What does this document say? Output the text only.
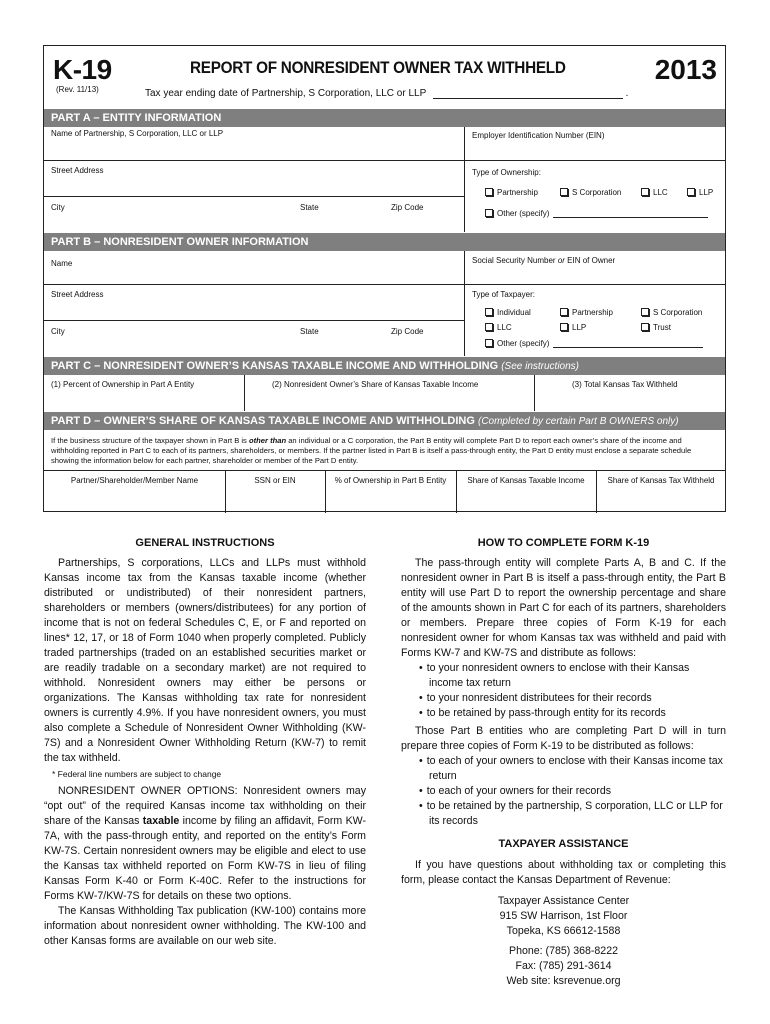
K-19
(Rev. 11/13)
REPORT OF NONRESIDENT OWNER TAX WITHHELD	2013
Tax year ending date of Partnership, S Corporation, LLC or LLP	.
PART A – ENTITY INFORMATION
Name of Partnership, S Corporation, LLC or LLP	Employer Identification Number (EIN)
Street Address	Type of Ownership:
City	State	Zip Code
Partnership	S Corporation	LLC	LLP
Other (specify)
PART B – NONRESIDENT OWNER INFORMATION
Name	Social Security Number or EIN of Owner
Street Address	Type of Taxpayer:
City	State	Zip Code
Individual	Partnership	S Corporation
LLC	LLP	Trust
Other (specify)
PART C – NONRESIDENT OWNER’S KANSAS TAXABLE INCOME AND WITHHOLDING (See instructions)
(1) Percent of Ownership in Part A Entity	(2) Nonresident Owner’s Share of Kansas Taxable Income	(3) Total Kansas Tax Withheld
PART D – OWNER’S SHARE OF KANSAS TAXABLE INCOME AND WITHHOLDING (Completed by certain Part B OWNERS only)
If the business structure of the taxpayer shown in Part B is other than an individual or a C corporation, the Part B entity will complete Part D to report each owner’s share of the income and withholding reported in Part C to each of its partners, shareholders, or members. If the partner listed in Part B is itself a pass-through entity, the Part D entity must enclose a separate schedule showing the information below for each partner, shareholder or member of the Part D entity.
Partner/Shareholder/Member Name	SSN or EIN	% of Ownership in Part B Entity	Share of Kansas Taxable Income	Share of Kansas Tax Withheld
GENERAL INSTRUCTIONS

Partnerships, S corporations, LLCs and LLPs must withhold Kansas income tax from the Kansas taxable income (whether distributed or undistributed) of their nonresident partners, shareholders or members (owners/distributees) for any portion of income that is not on federal Schedules C, E, or F and reported on lines* 12, 17, or 18 of Form 1040 when properly completed. Publicly traded partnerships (traded on an established securities market or are readily tradable on a secondary market) are not required to withhold. Nonresident owners may either be persons or organizations. The Kansas withholding tax rate for nonresident owners is currently 4.9%. If you have nonresident owners, you must also complete a Schedule of Nonresident Owner Withholding (KW-7S) and a Nonresident Owner Withholding Return (KW-7) to remit the tax withheld.

* Federal line numbers are subject to change

NONRESIDENT OWNER OPTIONS: Nonresident owners may “opt out” of the required Kansas income tax withholding on their share of the Kansas taxable income by filing an affidavit, Form KW-7A, with the pass-through entity, and reported on the entity’s Form KW-7S. Certain nonresident owners may be eligible and elect to use the Kansas tax withheld reported on Form KW-7S in lieu of filing Kansas Form K-40 or Form K-40C. Refer to the instructions for Forms KW-7/KW-7S for details on these two options.

The Kansas Withholding Tax publication (KW-100) contains more information about nonresident owner withholding. The KW-100 and other Kansas forms are available on our web site.

HOW TO COMPLETE FORM K-19

The pass-through entity will complete Parts A, B and C. If the nonresident owner in Part B is itself a pass-through entity, the Part B entity will use Part D to report the ownership percentage and share of the amounts shown in Part C for each of its partners, shareholders or members. Prepare three copies of Form K-19 for each nonresident owner for whom Kansas tax was withheld and paid with Forms KW-7 and KW-7S and distribute as follows:

• to your nonresident owners to enclose with their Kansas income tax return
• to your nonresident distributees for their records
• to be retained by pass-through entity for its records

Those Part B entities who are completing Part D will in turn prepare three copies of Form K-19 to be distributed as follows:

• to each of your owners to enclose with their Kansas income tax return
• to each of your owners for their records
• to be retained by the partnership, S corporation, LLC or LLP for its records
TAXPAYER ASSISTANCE

If you have questions about withholding tax or completing this form, please contact the Kansas Department of Revenue:

Taxpayer Assistance Center
915 SW Harrison, 1st Floor
Topeka, KS 66612-1588
Phone: (785) 368-8222
Fax: (785) 291-3614
Web site: ksrevenue.org
